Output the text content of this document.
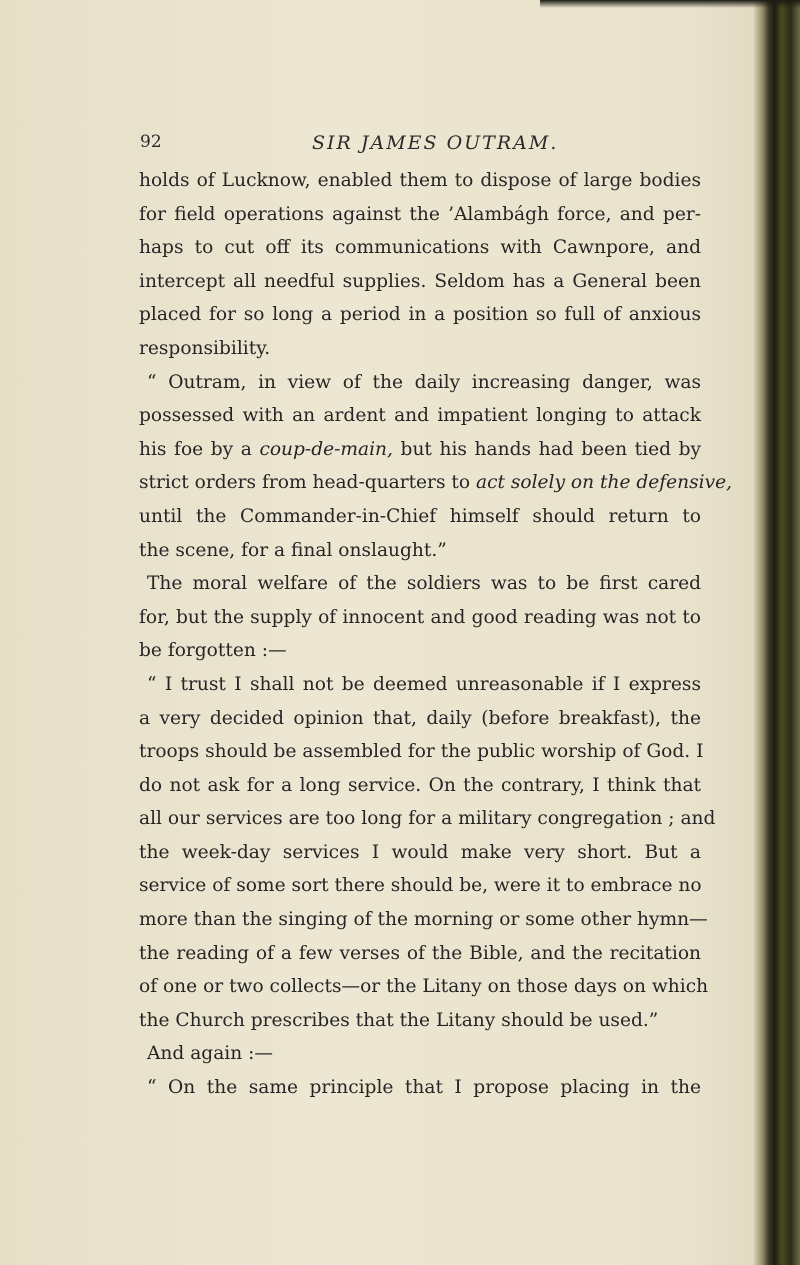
92	SIR JAMES OUTRAM.
holds of Lucknow, enabled them to dispose of large bodies
for field operations against the ’Alambágh force, and per-
haps to cut off its communications with Cawnpore, and
intercept all needful supplies. Seldom has a General been
placed for so long a period in a position so full of anxious
responsibility.
“ Outram, in view of the daily increasing danger, was
possessed with an ardent and impatient longing to attack
his foe by a coup-de-main, but his hands had been tied by
strict orders from head-quarters to act solely on the defensive,
until the Commander-in-Chief himself should return to
the scene, for a final onslaught.”
The moral welfare of the soldiers was to be first cared
for, but the supply of innocent and good reading was not to
be forgotten :—
“ I trust I shall not be deemed unreasonable if I express
a very decided opinion that, daily (before breakfast), the
troops should be assembled for the public worship of God. I
do not ask for a long service. On the contrary, I think that
all our services are too long for a military congregation ; and
the week-day services I would make very short. But a
service of some sort there should be, were it to embrace no
more than the singing of the morning or some other hymn—
the reading of a few verses of the Bible, and the recitation
of one or two collects—or the Litany on those days on which
the Church prescribes that the Litany should be used.”
And again :—
“ On the same principle that I propose placing in the
